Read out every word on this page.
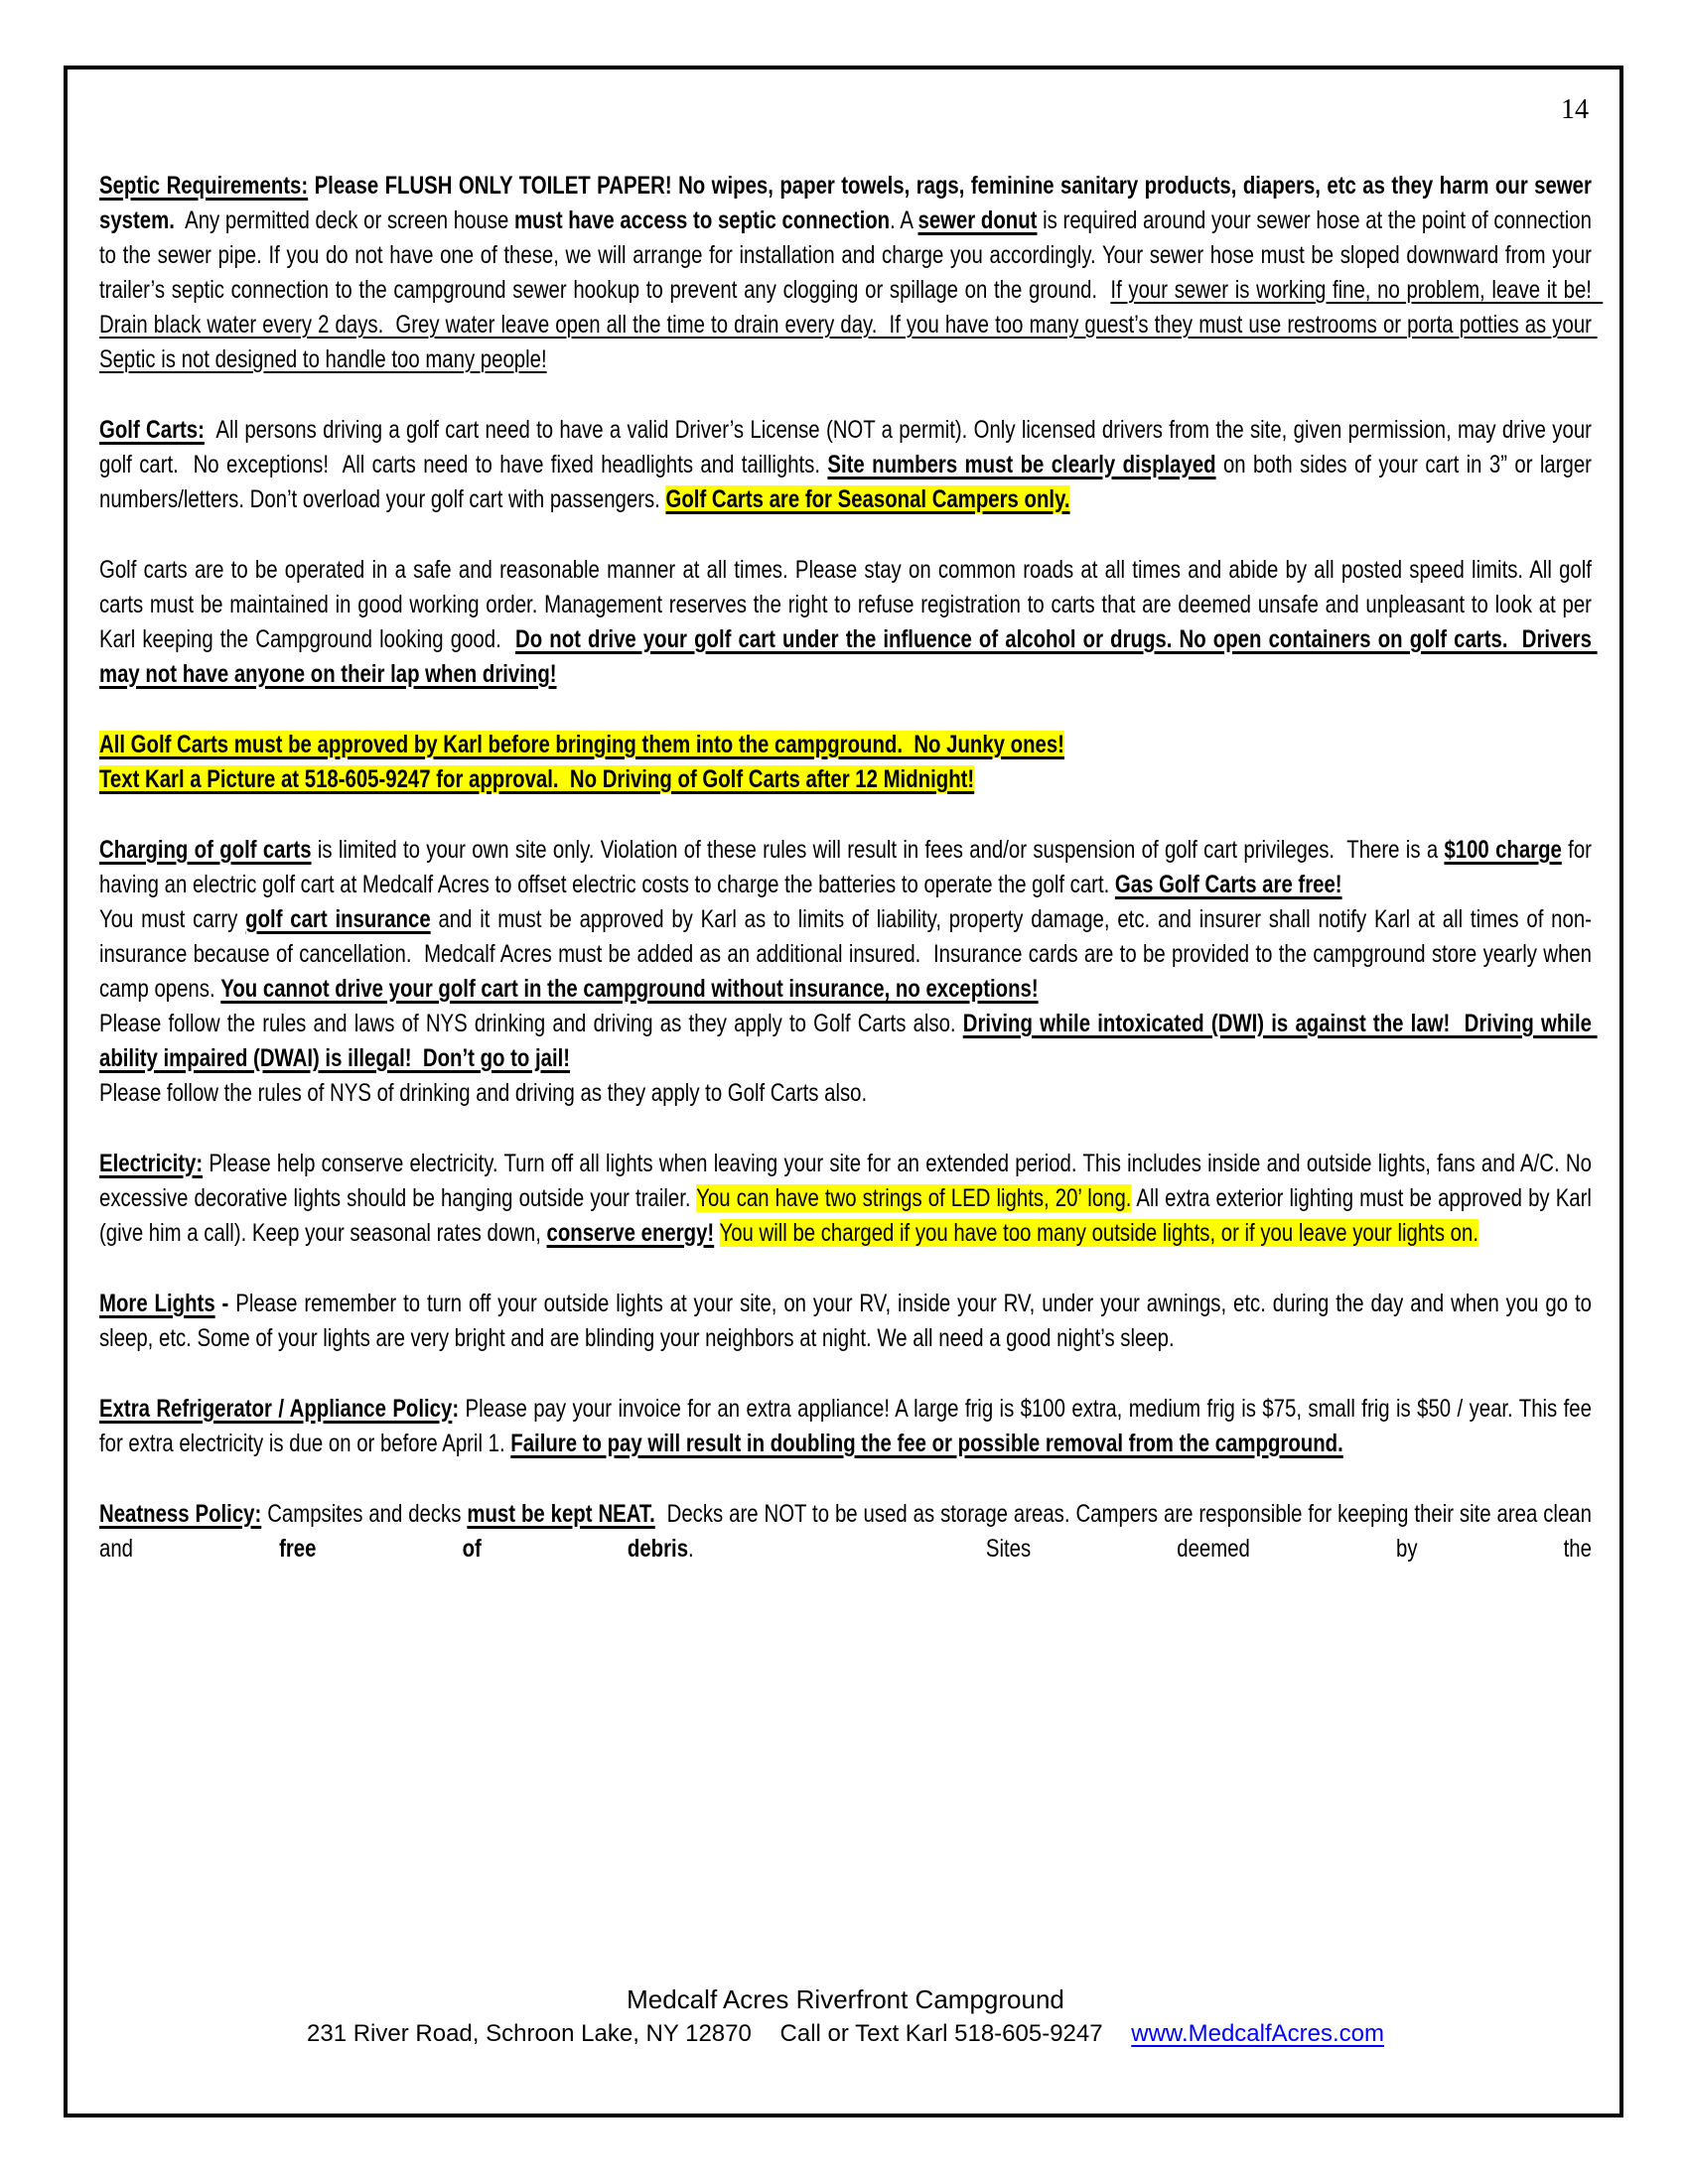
14

Septic Requirements: Please FLUSH ONLY TOILET PAPER! No wipes, paper towels, rags, feminine sanitary products, diapers, etc as they harm our sewer system.  Any permitted deck or screen house must have access to septic connection. A sewer donut is required around your sewer hose at the point of connection to the sewer pipe. If you do not have one of these, we will arrange for installation and charge you accordingly. Your sewer hose must be sloped downward from your trailer’s septic connection to the campground sewer hookup to prevent any clogging or spillage on the ground.  If your sewer is working fine, no problem, leave it be!  Drain black water every 2 days.  Grey water leave open all the time to drain every day.  If you have too many guest’s they must use restrooms or porta potties as your Septic is not designed to handle too many people!

Golf Carts:  All persons driving a golf cart need to have a valid Driver’s License (NOT a permit). Only licensed drivers from the site, given permission, may drive your golf cart.  No exceptions!  All carts need to have fixed headlights and taillights. Site numbers must be clearly displayed on both sides of your cart in 3” or larger numbers/letters. Don’t overload your golf cart with passengers. Golf Carts are for Seasonal Campers only.

Golf carts are to be operated in a safe and reasonable manner at all times. Please stay on common roads at all times and abide by all posted speed limits. All golf carts must be maintained in good working order. Management reserves the right to refuse registration to carts that are deemed unsafe and unpleasant to look at per Karl keeping the Campground looking good.  Do not drive your golf cart under the influence of alcohol or drugs. No open containers on golf carts.  Drivers may not have anyone on their lap when driving!

All Golf Carts must be approved by Karl before bringing them into the campground.  No Junky ones!

Text Karl a Picture at 518-605-9247 for approval.  No Driving of Golf Carts after 12 Midnight!

Charging of golf carts is limited to your own site only. Violation of these rules will result in fees and/or suspension of golf cart privileges.  There is a $100 charge for having an electric golf cart at Medcalf Acres to offset electric costs to charge the batteries to operate the golf cart. Gas Golf Carts are free!

You must carry golf cart insurance and it must be approved by Karl as to limits of liability, property damage, etc. and insurer shall notify Karl at all times of non-insurance because of cancellation.  Medcalf Acres must be added as an additional insured.  Insurance cards are to be provided to the campground store yearly when camp opens. You cannot drive your golf cart in the campground without insurance, no exceptions!

Please follow the rules and laws of NYS drinking and driving as they apply to Golf Carts also. Driving while intoxicated (DWI) is against the law!  Driving while ability impaired (DWAI) is illegal!  Don’t go to jail!

Please follow the rules of NYS of drinking and driving as they apply to Golf Carts also.

Electricity: Please help conserve electricity. Turn off all lights when leaving your site for an extended period. This includes inside and outside lights, fans and A/C. No excessive decorative lights should be hanging outside your trailer. You can have two strings of LED lights, 20’ long. All extra exterior lighting must be approved by Karl (give him a call). Keep your seasonal rates down, conserve energy! You will be charged if you have too many outside lights, or if you leave your lights on.

More Lights - Please remember to turn off your outside lights at your site, on your RV, inside your RV, under your awnings, etc. during the day and when you go to sleep, etc. Some of your lights are very bright and are blinding your neighbors at night. We all need a good night’s sleep.

Extra Refrigerator / Appliance Policy: Please pay your invoice for an extra appliance! A large frig is $100 extra, medium frig is $75, small frig is $50 / year. This fee for extra electricity is due on or before April 1. Failure to pay will result in doubling the fee or possible removal from the campground.

Neatness Policy: Campsites and decks must be kept NEAT.  Decks are NOT to be used as storage areas. Campers are responsible for keeping their site area clean and free of debris.  Sites deemed by the

Medcalf Acres Riverfront Campground
231 River Road, Schroon Lake, NY 12870 Call or Text Karl 518-605-9247 www.MedcalfAcres.com
